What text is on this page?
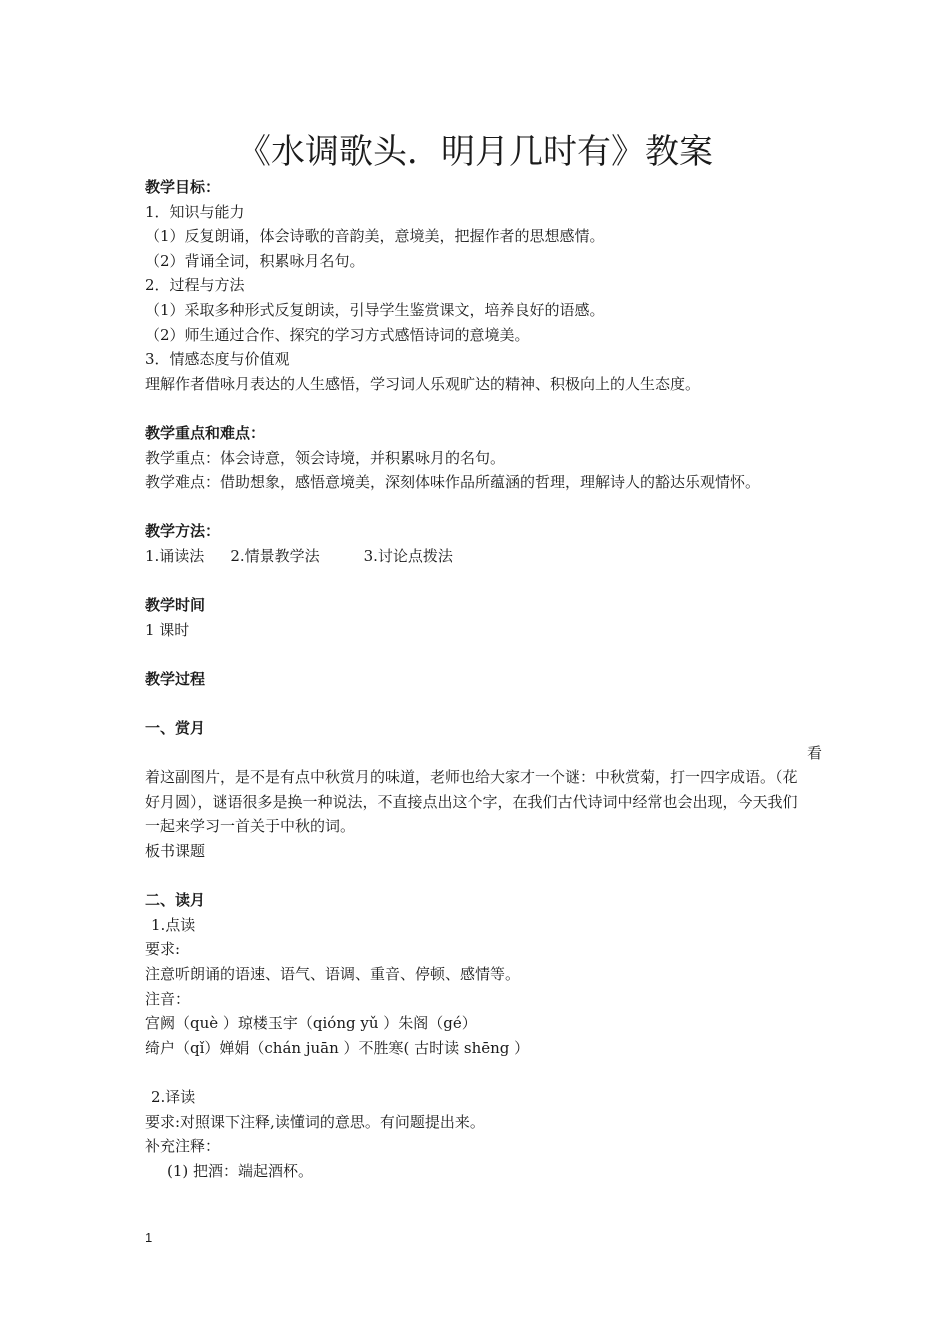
《水调歌头．明月几时有》教案

教学目标：

1．知识与能力

（1）反复朗诵，体会诗歌的音韵美，意境美，把握作者的思想感情。

（2）背诵全词，积累咏月名句。

2．过程与方法

（1）采取多种形式反复朗读，引导学生鉴赏课文，培养良好的语感。

（2）师生通过合作、探究的学习方式感悟诗词的意境美。

3．情感态度与价值观

理解作者借咏月表达的人生感悟，学习词人乐观旷达的精神、积极向上的人生态度。

教学重点和难点：

教学重点：体会诗意，领会诗境，并积累咏月的名句。

教学难点：借助想象，感悟意境美，深刻体味作品所蕴涵的哲理，理解诗人的豁达乐观情怀。

教学方法：

1.诵读法 2.情景教学法	3.讨论点拨法

教学时间

1 课时

教学过程

一、赏月

看

着这副图片，是不是有点中秋赏月的味道，老师也给大家才一个谜：中秋赏菊，打一四字成语。（花好月圆），谜语很多是换一种说法，不直接点出这个字，在我们古代诗词中经常也会出现，今天我们一起来学习一首关于中秋的词。

板书课题

二、读月

1.点读

要求:

注意听朗诵的语速、语气、语调、重音、停顿、感情等。

注音：

宫阙（què ）琼楼玉宇（qióng yǔ ）朱阁（gé）

绮户（qǐ）婵娟（chán juān ）不胜寒( 古时读 shēng ）

2.译读

要求:对照课下注释,读懂词的意思。有问题提出来。

补充注释：

(1) 把酒：端起酒杯。

1
